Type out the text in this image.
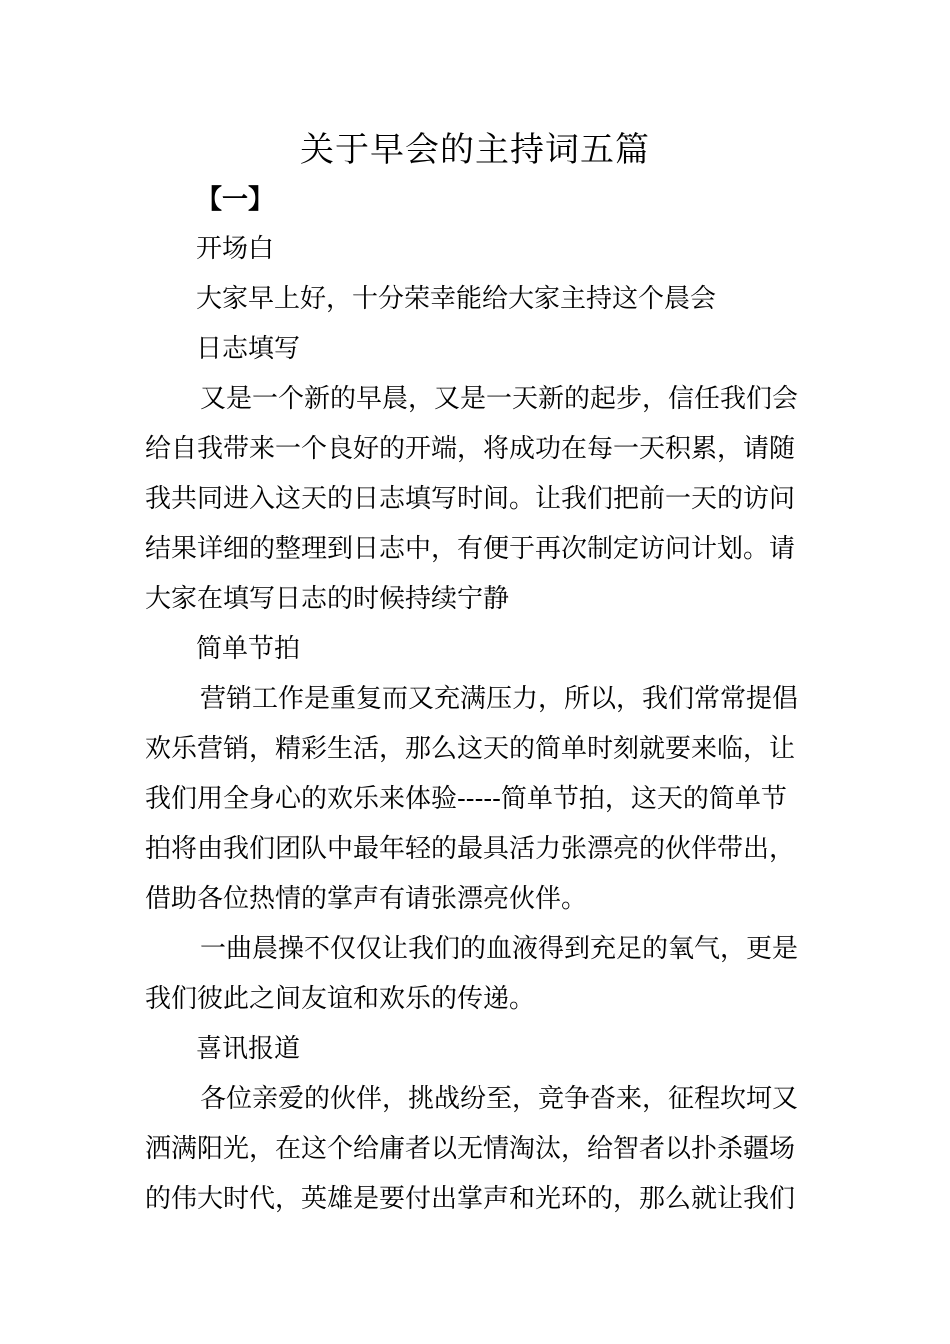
关于早会的主持词五篇

【一】

开场白

大家早上好，十分荣幸能给大家主持这个晨会

日志填写

又是一个新的早晨，又是一天新的起步，信任我们会

给自我带来一个良好的开端，将成功在每一天积累，请随

我共同进入这天的日志填写时间。让我们把前一天的访问

结果详细的整理到日志中，有便于再次制定访问计划。请

大家在填写日志的时候持续宁静

简单节拍

营销工作是重复而又充满压力，所以，我们常常提倡

欢乐营销，精彩生活，那么这天的简单时刻就要来临，让

我们用全身心的欢乐来体验-----简单节拍，这天的简单节

拍将由我们团队中最年轻的最具活力张漂亮的伙伴带出，

借助各位热情的掌声有请张漂亮伙伴。

一曲晨操不仅仅让我们的血液得到充足的氧气，更是

我们彼此之间友谊和欢乐的传递。

喜讯报道

各位亲爱的伙伴，挑战纷至，竞争沓来，征程坎坷又

洒满阳光，在这个给庸者以无情淘汰，给智者以扑杀疆场

的伟大时代，英雄是要付出掌声和光环的，那么就让我们
